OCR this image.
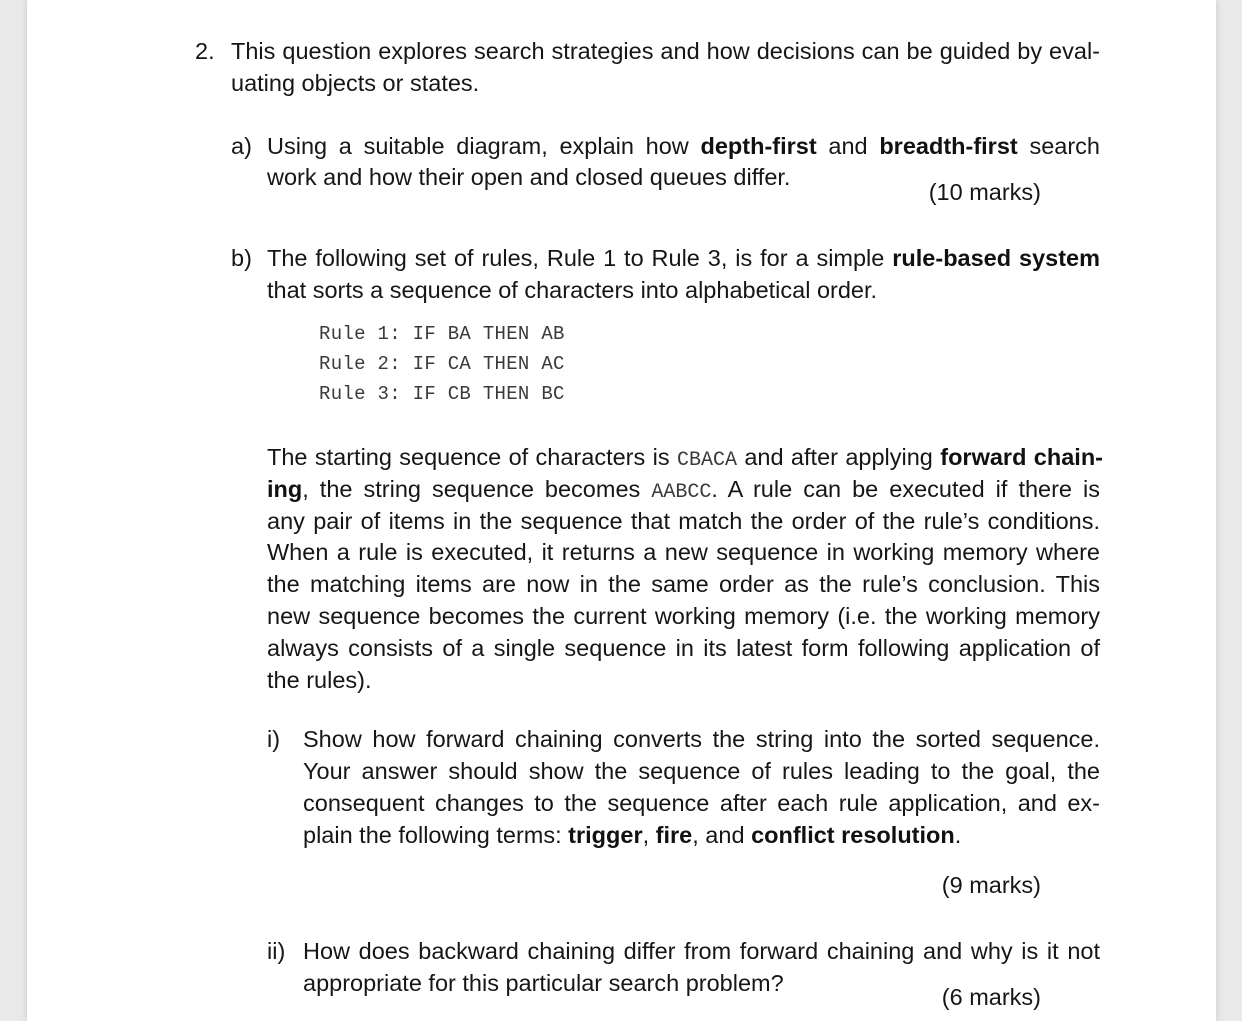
2. This question explores search strategies and how decisions can be guided by eval-
uating objects or states.
a) Using a suitable diagram, explain how depth-first and breadth-first search
work and how their open and closed queues differ.
(10 marks)
b) The following set of rules, Rule 1 to Rule 3, is for a simple rule-based system
that sorts a sequence of characters into alphabetical order.
Rule 1: IF BA THEN AB
Rule 2: IF CA THEN AC
Rule 3: IF CB THEN BC
The starting sequence of characters is CBACA and after applying forward chain-
ing, the string sequence becomes AABCC. A rule can be executed if there is
any pair of items in the sequence that match the order of the rule’s conditions.
When a rule is executed, it returns a new sequence in working memory where
the matching items are now in the same order as the rule’s conclusion. This
new sequence becomes the current working memory (i.e. the working memory
always consists of a single sequence in its latest form following application of
the rules).
i) Show how forward chaining converts the string into the sorted sequence.
Your answer should show the sequence of rules leading to the goal, the
consequent changes to the sequence after each rule application, and ex-
plain the following terms: trigger, fire, and conflict resolution.
(9 marks)
ii) How does backward chaining differ from forward chaining and why is it not
appropriate for this particular search problem?
(6 marks)
